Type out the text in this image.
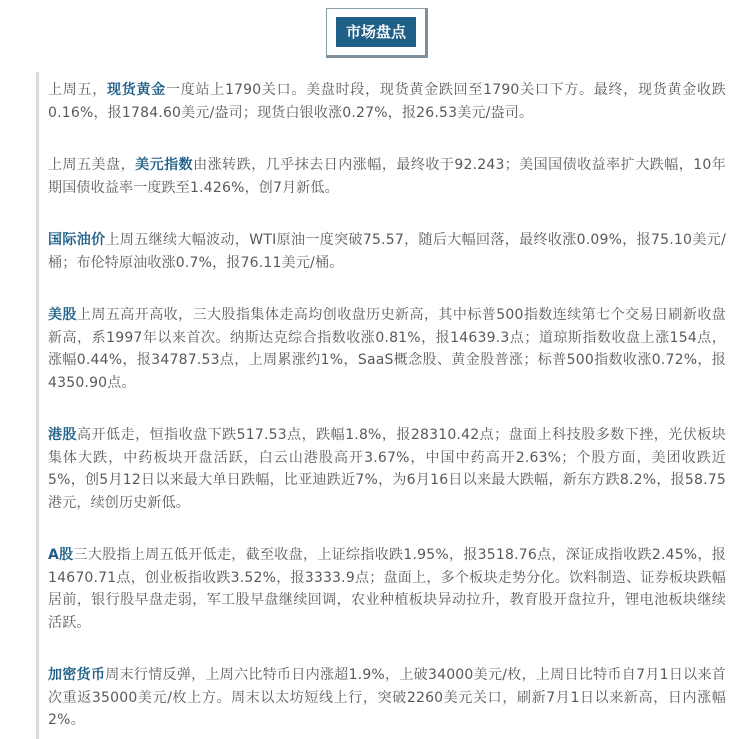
市场盘点

上周五，现货黄金一度站上1790关口。美盘时段，现货黄金跌回至1790关口下方。最终，现货黄金收跌0.16%，报1784.60美元/盎司；现货白银收涨0.27%，报26.53美元/盎司。

上周五美盘，美元指数由涨转跌，几乎抹去日内涨幅，最终收于92.243；美国国债收益率扩大跌幅，10年期国债收益率一度跌至1.426%，创7月新低。

国际油价上周五继续大幅波动，WTI原油一度突破75.57，随后大幅回落，最终收涨0.09%，报75.10美元/桶；布伦特原油收涨0.7%，报76.11美元/桶。

美股上周五高开高收，三大股指集体走高均创收盘历史新高，其中标普500指数连续第七个交易日刷新收盘新高，系1997年以来首次。纳斯达克综合指数收涨0.81%，报14639.3点；道琼斯指数收盘上涨154点，涨幅0.44%，报34787.53点，上周累涨约1%，SaaS概念股、黄金股普涨；标普500指数收涨0.72%，报4350.90点。

港股高开低走，恒指收盘下跌517.53点，跌幅1.8%，报28310.42点；盘面上科技股多数下挫，光伏板块集体大跌，中药板块开盘活跃，白云山港股高开3.67%，中国中药高开2.63%；个股方面，美团收跌近5%，创5月12日以来最大单日跌幅，比亚迪跌近7%，为6月16日以来最大跌幅，新东方跌8.2%，报58.75港元，续创历史新低。

A股三大股指上周五低开低走，截至收盘，上证综指收跌1.95%，报3518.76点，深证成指收跌2.45%，报14670.71点，创业板指收跌3.52%，报3333.9点；盘面上，多个板块走势分化。饮料制造、证券板块跌幅居前，银行股早盘走弱，军工股早盘继续回调，农业种植板块异动拉升，教育股开盘拉升，锂电池板块继续活跃。

加密货币周末行情反弹，上周六比特币日内涨超1.9%，上破34000美元/枚，上周日比特币自7月1日以来首次重返35000美元/枚上方。周末以太坊短线上行，突破2260美元关口，刷新7月1日以来新高，日内涨幅2%。
